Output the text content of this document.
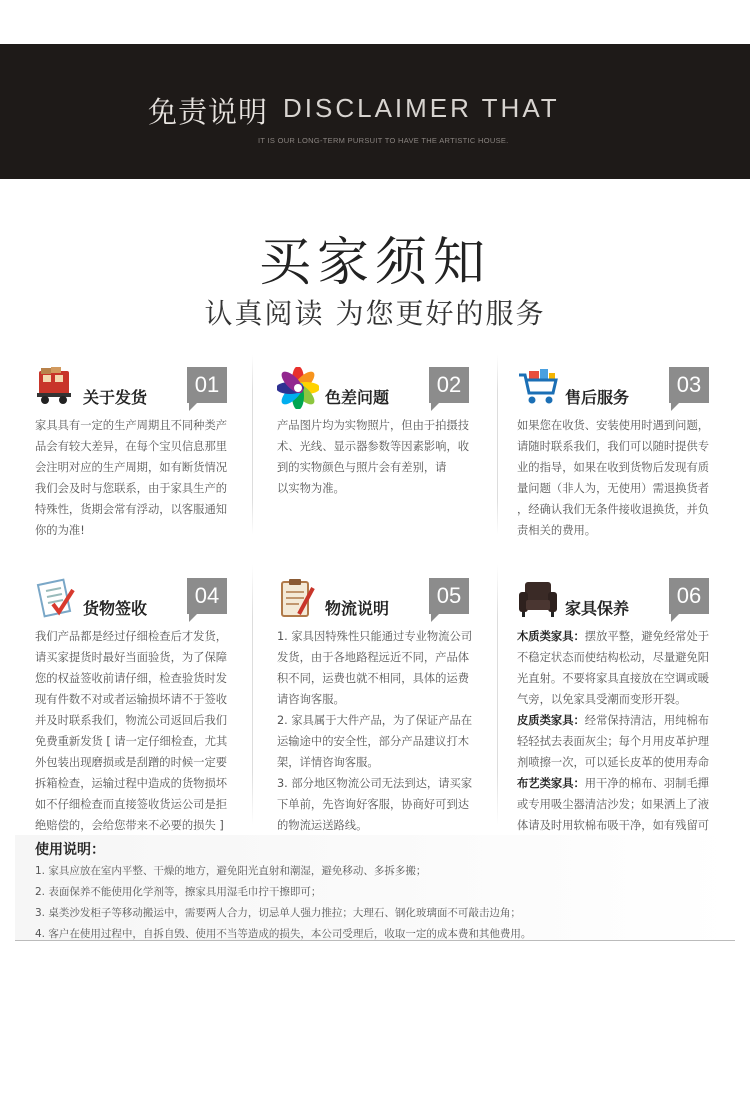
免责说明 DISCLAIMER THAT
IT IS OUR LONG-TERM PURSUIT TO HAVE THE ARTISTIC HOUSE.
买家须知
认真阅读 为您更好的服务
关于发货
01

家具具有一定的生产周期且不同种类产

品会有较大差异，在每个宝贝信息那里

会注明对应的生产周期，如有断货情况

我们会及时与您联系，由于家具生产的

特殊性，货期会常有浮动，以客服通知

你的为准!

色差问题
02

产品图片均为实物照片，但由于拍摄技

术、光线、显示器参数等因素影响，收

到的实物颜色与照片会有差别，请

以实物为准。

售后服务
03

如果您在收货、安装使用时遇到问题，

请随时联系我们，我们可以随时提供专

业的指导，如果在收到货物后发现有质

量问题（非人为，无使用）需退换货者

，经确认我们无条件接收退换货，并负

责相关的费用。

货物签收
04

我们产品都是经过仔细检查后才发货，

请买家提货时最好当面验货，为了保障

您的权益签收前请仔细，检查验货时发

现有件数不对或者运输损坏请不于签收

并及时联系我们，物流公司返回后我们

免费重新发货 [ 请一定仔细检查，尤其

外包装出现磨损或是刮蹭的时候一定要

拆箱检查，运输过程中造成的货物损坏

如不仔细检查而直接签收货运公司是拒

绝赔偿的，会给您带来不必要的损失 ]

物流说明
05

1. 家具因特殊性只能通过专业物流公司

发货，由于各地路程远近不同，产品体

积不同，运费也就不相同，具体的运费

请咨询客服。

2. 家具属于大件产品，为了保证产品在

运输途中的安全性，部分产品建议打木

架，详情咨询客服。

3. 部分地区物流公司无法到达，请买家

下单前，先咨询好客服，协商好可到达

的物流运送路线。

家具保养
06

木质类家具：摆放平整，避免经常处于

不稳定状态而使结构松动，尽量避免阳

光直射。不要将家具直接放在空调或暖

气旁，以免家具受潮而变形开裂。

皮质类家具：经常保持清洁，用纯棉布

轻轻拭去表面灰尘；每个月用皮革护理

剂喷擦一次，可以延长皮革的使用寿命

布艺类家具：用干净的棉布、羽制毛撣

或专用吸尘器清洁沙发；如果洒上了液

体请及时用软棉布吸干净，如有残留可

使用说明：
1. 家具应放在室内平整、干燥的地方，避免阳光直射和潮湿，避免移动、多拆多搬；
2. 表面保养不能使用化学剂等，擦家具用湿毛巾拧干擦即可；
3. 桌类沙发柜子等移动搬运中，需要两人合力，切忌单人强力推拉；大理石、钢化玻璃面不可敲击边角；
4. 客户在使用过程中，自拆自毁、使用不当等造成的损失，本公司受理后，收取一定的成本费和其他费用。
